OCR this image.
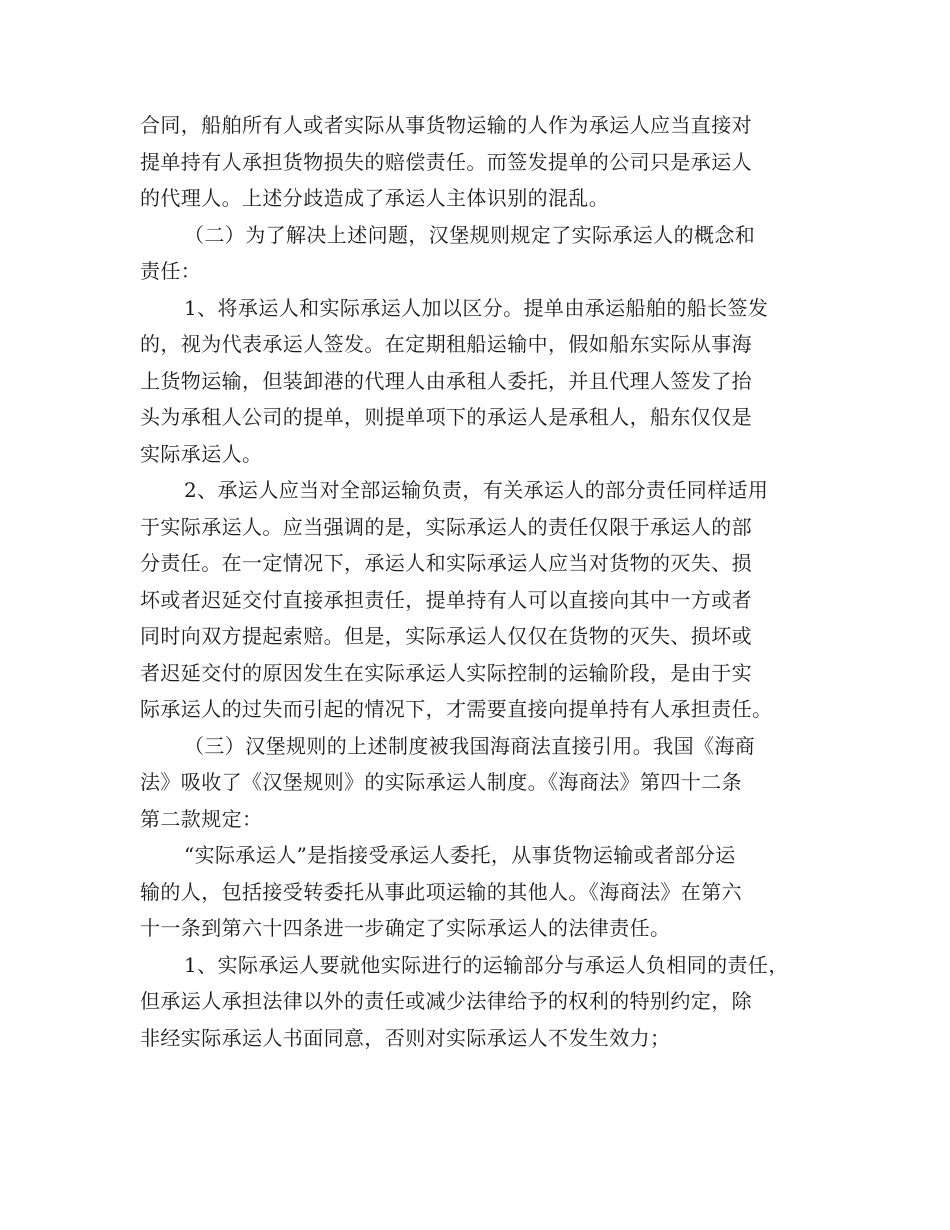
合同，船舶所有人或者实际从事货物运输的人作为承运人应当直接对
提单持有人承担货物损失的赔偿责任。而签发提单的公司只是承运人
的代理人。上述分歧造成了承运人主体识别的混乱。
（二）为了解决上述问题，汉堡规则规定了实际承运人的概念和
责任：
1、将承运人和实际承运人加以区分。提单由承运船舶的船长签发
的，视为代表承运人签发。在定期租船运输中，假如船东实际从事海
上货物运输，但装卸港的代理人由承租人委托，并且代理人签发了抬
头为承租人公司的提单，则提单项下的承运人是承租人，船东仅仅是
实际承运人。
2、承运人应当对全部运输负责，有关承运人的部分责任同样适用
于实际承运人。应当强调的是，实际承运人的责任仅限于承运人的部
分责任。在一定情况下，承运人和实际承运人应当对货物的灭失、损
坏或者迟延交付直接承担责任，提单持有人可以直接向其中一方或者
同时向双方提起索赔。但是，实际承运人仅仅在货物的灭失、损坏或
者迟延交付的原因发生在实际承运人实际控制的运输阶段，是由于实
际承运人的过失而引起的情况下，才需要直接向提单持有人承担责任。
（三）汉堡规则的上述制度被我国海商法直接引用。我国《海商
法》吸收了《汉堡规则》的实际承运人制度。《海商法》第四十二条
第二款规定：
“实际承运人”是指接受承运人委托，从事货物运输或者部分运
输的人，包括接受转委托从事此项运输的其他人。《海商法》在第六
十一条到第六十四条进一步确定了实际承运人的法律责任。
1、实际承运人要就他实际进行的运输部分与承运人负相同的责任，
但承运人承担法律以外的责任或减少法律给予的权利的特别约定，除
非经实际承运人书面同意，否则对实际承运人不发生效力；
